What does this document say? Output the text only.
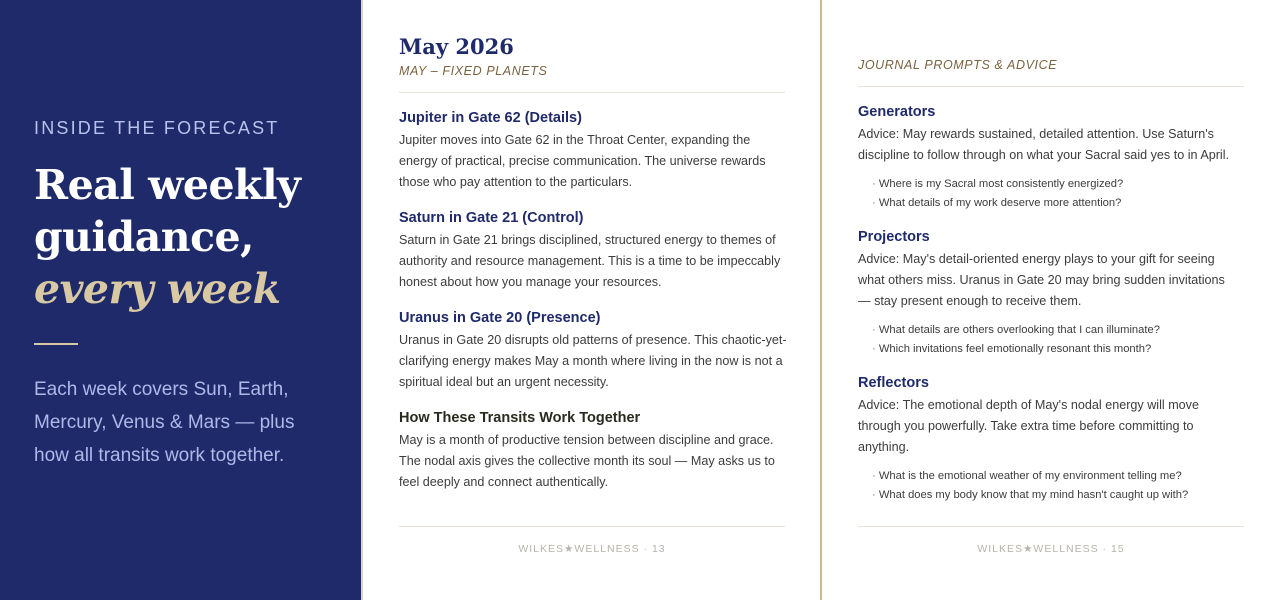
INSIDE THE FORECAST
Real weekly
guidance,
every week

Each week covers Sun, Earth, Mercury, Venus & Mars — plus how all transits work together.

May 2026
MAY – FIXED PLANETS
Jupiter in Gate 62 (Details)

Jupiter moves into Gate 62 in the Throat Center, expanding the energy of practical, precise communication. The universe rewards those who pay attention to the particulars.

Saturn in Gate 21 (Control)

Saturn in Gate 21 brings disciplined, structured energy to themes of authority and resource management. This is a time to be impeccably honest about how you manage your resources.

Uranus in Gate 20 (Presence)

Uranus in Gate 20 disrupts old patterns of presence. This chaotic-yet-clarifying energy makes May a month where living in the now is not a spiritual ideal but an urgent necessity.

How These Transits Work Together

May is a month of productive tension between discipline and grace. The nodal axis gives the collective month its soul — May asks us to feel deeply and connect authentically.

WILKES★WELLNESS · 13
JOURNAL PROMPTS & ADVICE
Generators

Advice: May rewards sustained, detailed attention. Use Saturn's discipline to follow through on what your Sacral said yes to in April.

· Where is my Sacral most consistently energized?
· What details of my work deserve more attention?
Projectors

Advice: May's detail-oriented energy plays to your gift for seeing what others miss. Uranus in Gate 20 may bring sudden invitations — stay present enough to receive them.

· What details are others overlooking that I can illuminate?
· Which invitations feel emotionally resonant this month?
Reflectors

Advice: The emotional depth of May's nodal energy will move through you powerfully. Take extra time before committing to anything.

· What is the emotional weather of my environment telling me?
· What does my body know that my mind hasn't caught up with?
WILKES★WELLNESS · 15
